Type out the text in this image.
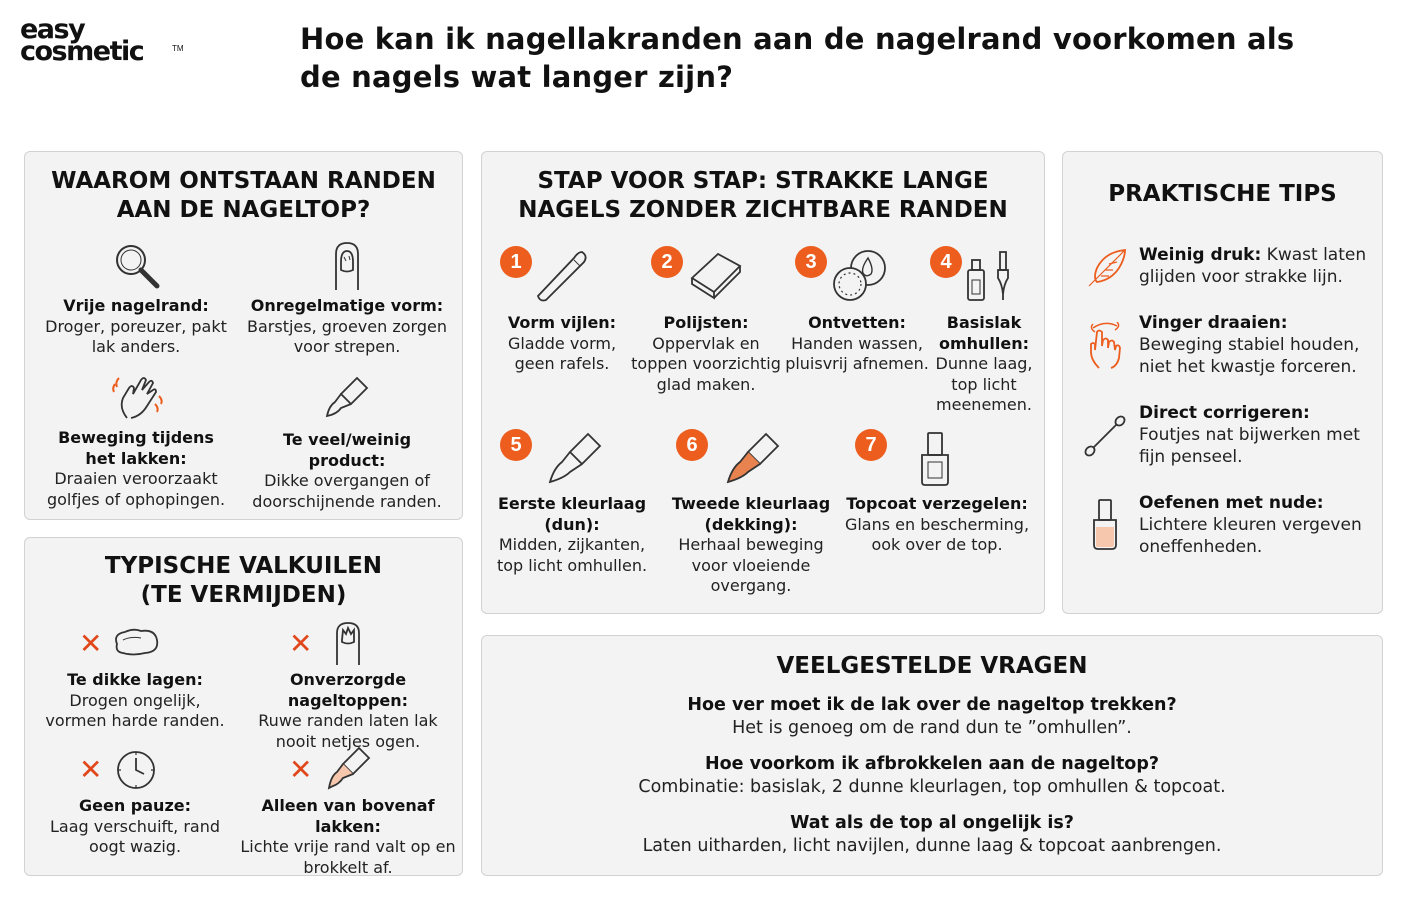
easy
cosmetic	TM	Hoe kan ik nagellakranden aan de nagelrand voorkomen als de nagels wat langer zijn?
WAAROM ONTSTAAN RANDEN
AAN DE NAGELTOP?
Vrije nagelrand:
Droger, poreuzer, pakt lak anders.
Onregelmatige vorm:
Barstjes, groeven zorgen voor strepen.
Beweging tijdens het lakken:
Draaien veroorzaakt golfjes of ophopingen.
Te veel/weinig product:
Dikke overgangen of doorschijnende randen.
TYPISCHE VALKUILEN
(TE VERMIJDEN)
✕
Te dikke lagen:
Drogen ongelijk, vormen harde randen.
✕
Onverzorgde nageltoppen:
Ruwe randen laten lak nooit netjes ogen.
✕
Geen pauze:
Laag verschuift, rand oogt wazig.
✕
Alleen van bovenaf lakken:
Lichte vrije rand valt op en brokkelt af.
STAP VOOR STAP: STRAKKE LANGE
NAGELS ZONDER ZICHTBARE RANDEN
1
Vorm vijlen:
Gladde vorm, geen rafels.
2
Polijsten:
Oppervlak en toppen voorzichtig glad maken.
3
Ontvetten:
Handen wassen, pluisvrij afnemen.
4
Basislak omhullen:
Dunne laag, top licht meenemen.
5
Eerste kleurlaag (dun):
Midden, zijkanten, top licht omhullen.
6
Tweede kleurlaag (dekking):
Herhaal beweging voor vloeiende overgang.
7
Topcoat verzegelen:
Glans en bescherming, ook over de top.
PRAKTISCHE TIPS
Weinig druk: Kwast laten glijden voor strakke lijn.
Vinger draaien: Beweging stabiel houden, niet het kwastje forceren.
Direct corrigeren: Foutjes nat bijwerken met fijn penseel.
Oefenen met nude: Lichtere kleuren vergeven oneffenheden.
VEELGESTELDE VRAGEN
Hoe ver moet ik de lak over de nageltop trekken?
Het is genoeg om de rand dun te ”omhullen”.
Hoe voorkom ik afbrokkelen aan de nageltop?
Combinatie: basislak, 2 dunne kleurlagen, top omhullen & topcoat.
Wat als de top al ongelijk is?
Laten uitharden, licht navijlen, dunne laag & topcoat aanbrengen.
